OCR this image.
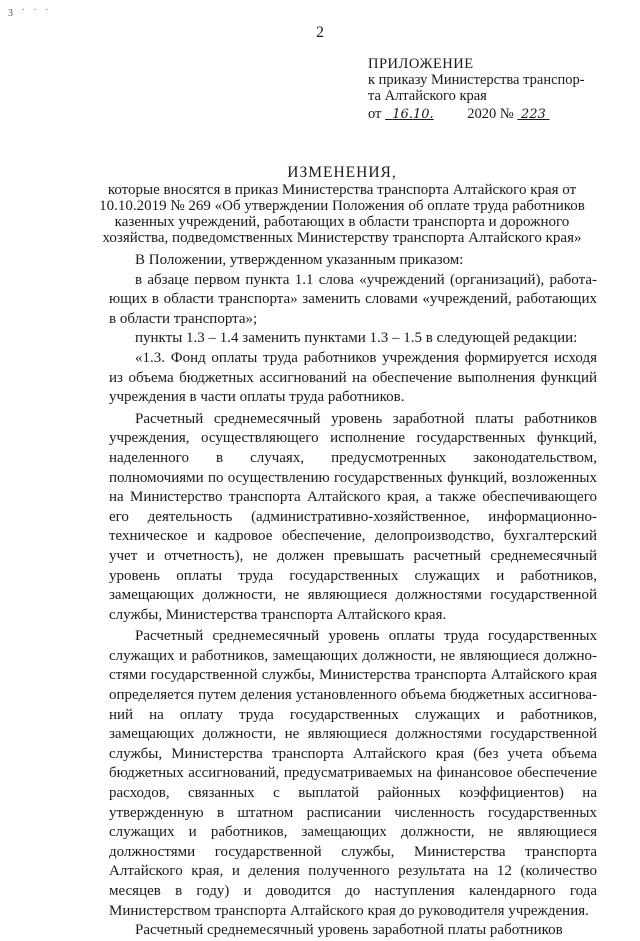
3 ˙ ˙ ˙
2
ПРИЛОЖЕНИЕ
к приказу Министерства транспор-
та Алтайского края
от 16.10. 2020 № 223
ИЗМЕНЕНИЯ,
которые вносятся в приказ Министерства транспорта Алтайского края от
10.10.2019 № 269 «Об утверждении Положения об оплате труда работников
казенных учреждений, работающих в области транспорта и дорожного
хозяйства, подведомственных Министерству транспорта Алтайского края»

В Положении, утвержденном указанным приказом:

в абзаце первом пункта 1.1 слова «учреждений (организаций), работающих в области транспорта» заменить словами «учреждений, работающих в области транспорта»;

пункты 1.3 – 1.4 заменить пунктами 1.3 – 1.5 в следующей редакции:

«1.3. Фонд оплаты труда работников учреждения формируется исходя из объема бюджетных ассигнований на обеспечение выполнения функций учреждения в части оплаты труда работников.

Расчетный среднемесячный уровень заработной платы работников учреждения, осуществляющего исполнение государственных функций, наделенного в случаях, предусмотренных законодательством, полномочиями по осуществлению государственных функций, возложенных на Министерство транспорта Алтайского края, а также обеспечивающего его деятельность (административно-хозяйственное, информационно-техническое и кадровое обеспечение, делопроизводство, бухгалтерский учет и отчетность), не должен превышать расчетный среднемесячный уровень оплаты труда государственных служащих и работников, замещающих должности, не являющиеся должностями государственной службы, Министерства транспорта Алтайского края.

Расчетный среднемесячный уровень оплаты труда государственных служащих и работников, замещающих должности, не являющиеся должностями государственной службы, Министерства транспорта Алтайского края определяется путем деления установленного объема бюджетных ассигнований на оплату труда государственных служащих и работников, замещающих должности, не являющиеся должностями государственной службы, Министерства транспорта Алтайского края (без учета объема бюджетных ассигнований, предусматриваемых на финансовое обеспечение расходов, связанных с выплатой районных коэффициентов) на утвержденную в штатном расписании численность государственных служащих и работников, замещающих должности, не являющиеся должностями государственной службы, Министерства транспорта Алтайского края, и деления полученного результата на 12 (количество месяцев в году) и доводится до наступления календарного года Министерством транспорта Алтайского края до руководителя учреждения.

Расчетный среднемесячный уровень заработной платы работников
